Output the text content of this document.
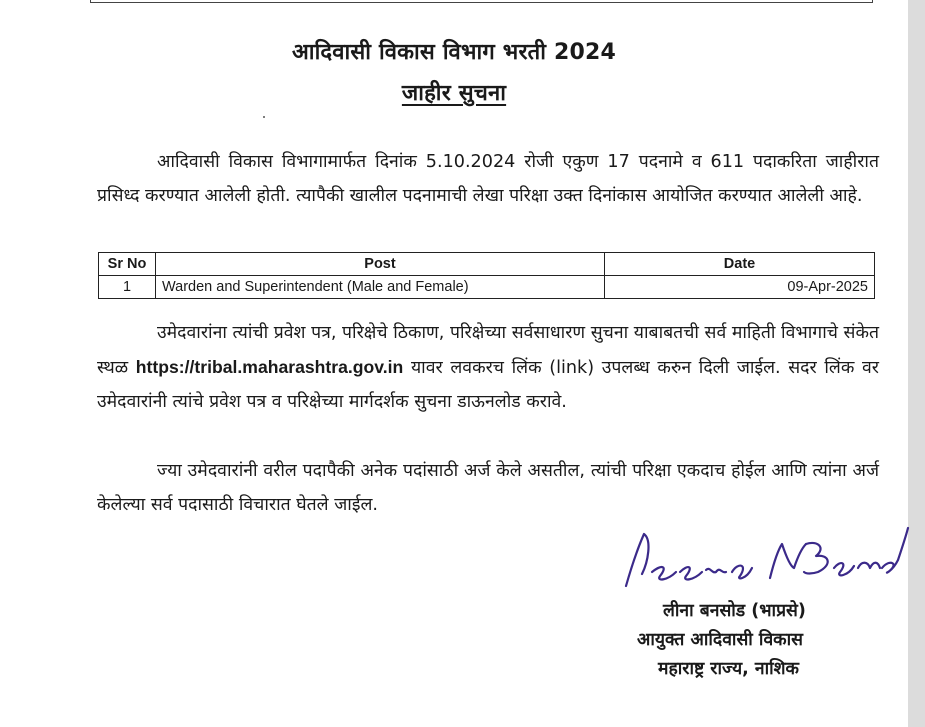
आदिवासी विकास विभाग भरती 2024
जाहीर सुचना
आदिवासी विकास विभागामार्फत दिनांक 5.10.2024 रोजी एकुण 17 पदनामे व 611 पदाकरिता जाहीरात प्रसिध्द करण्यात आलेली होती. त्यापैकी खालील पदनामाची लेखा परिक्षा उक्त दिनांकास आयोजित करण्यात आलेली आहे.
Sr No	Post	Date
1	Warden and Superintendent (Male and Female)	09-Apr-2025
उमेदवारांना त्यांची प्रवेश पत्र, परिक्षेचे ठिकाण, परिक्षेच्या सर्वसाधारण सुचना याबाबतची सर्व माहिती विभागाचे संकेत स्थळ https://tribal.maharashtra.gov.in यावर लवकरच लिंक (link) उपलब्ध करुन दिली जाईल. सदर लिंक वर उमेदवारांनी त्यांचे प्रवेश पत्र व परिक्षेच्या मार्गदर्शक सुचना डाऊनलोड करावे.
ज्या उमेदवारांनी वरील पदापैकी अनेक पदांसाठी अर्ज केले असतील, त्यांची परिक्षा एकदाच होईल आणि त्यांना अर्ज केलेल्या सर्व पदासाठी विचारात घेतले जाईल.
लीना बनसोड (भाप्रसे)
आयुक्त आदिवासी विकास
महाराष्ट्र राज्य, नाशिक
